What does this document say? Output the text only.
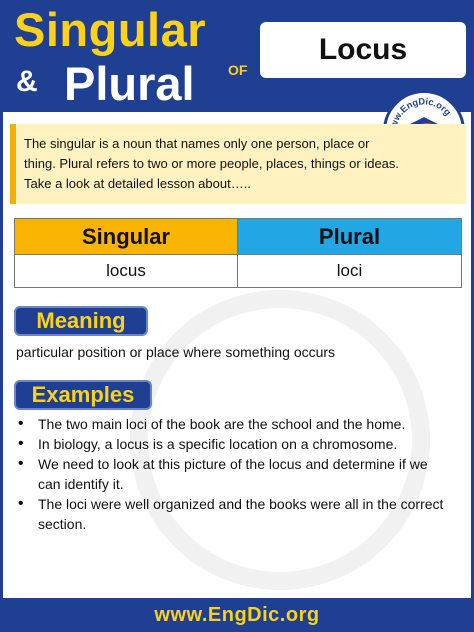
Singular
& Plural OF
Locus
w.EngDic.org
The singular is a noun that names only one person, place or thing. Plural refers to two or more people, places, things or ideas. Take a look at detailed lesson about…..
Singular	Plural
locus	loci
Meaning
particular position or place where something occurs
Examples
• The two main loci of the book are the school and the home.
• In biology, a locus is a specific location on a chromosome.
• We need to look at this picture of the locus and determine if we can identify it.
• The loci were well organized and the books were all in the correct section.
www.EngDic.org
